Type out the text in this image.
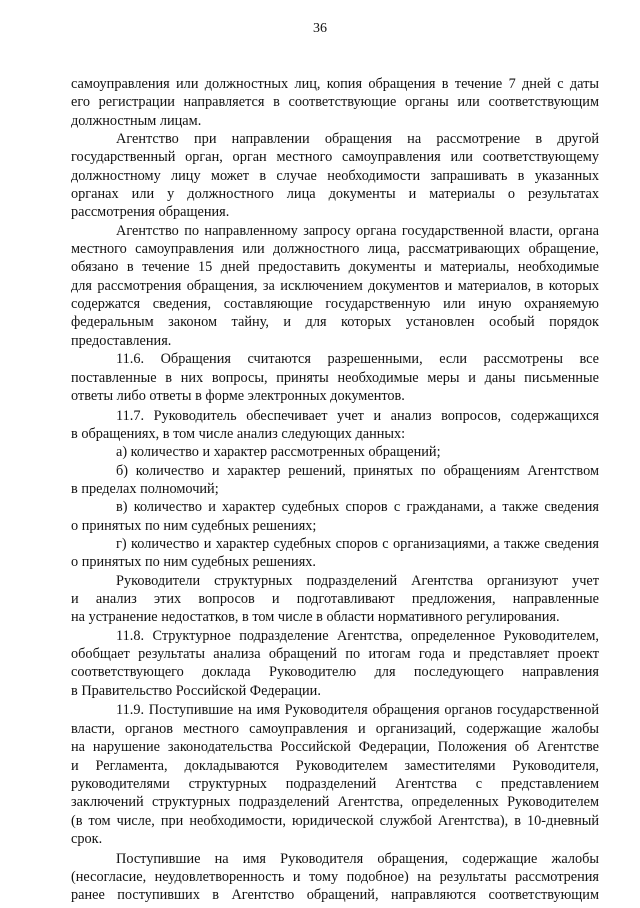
36
самоуправления или должностных лиц, копия обращения в течение 7 дней с даты
его регистрации направляется в соответствующие органы или соответствующим
должностным лицам.
Агентство при направлении обращения на рассмотрение в другой
государственный орган, орган местного самоуправления или соответствующему
должностному лицу может в случае необходимости запрашивать в указанных
органах или у должностного лица документы и материалы о результатах
рассмотрения обращения.
Агентство по направленному запросу органа государственной власти, органа
местного самоуправления или должностного лица, рассматривающих обращение,
обязано в течение 15 дней предоставить документы и материалы, необходимые
для рассмотрения обращения, за исключением документов и материалов, в которых
содержатся сведения, составляющие государственную или иную охраняемую
федеральным законом тайну, и для которых установлен особый порядок
предоставления.
11.6. Обращения считаются разрешенными, если рассмотрены все
поставленные в них вопросы, приняты необходимые меры и даны письменные
ответы либо ответы в форме электронных документов.
11.7. Руководитель обеспечивает учет и анализ вопросов, содержащихся
в обращениях, в том числе анализ следующих данных:
а) количество и характер рассмотренных обращений;
б) количество и характер решений, принятых по обращениям Агентством
в пределах полномочий;
в) количество и характер судебных споров с гражданами, а также сведения
о принятых по ним судебных решениях;
г) количество и характер судебных споров с организациями, а также сведения
о принятых по ним судебных решениях.
Руководители структурных подразделений Агентства организуют учет
и анализ этих вопросов и подготавливают предложения, направленные
на устранение недостатков, в том числе в области нормативного регулирования.
11.8. Структурное подразделение Агентства, определенное Руководителем,
обобщает результаты анализа обращений по итогам года и представляет проект
соответствующего доклада Руководителю для последующего направления
в Правительство Российской Федерации.
11.9. Поступившие на имя Руководителя обращения органов государственной
власти, органов местного самоуправления и организаций, содержащие жалобы
на нарушение законодательства Российской Федерации, Положения об Агентстве
и Регламента, докладываются Руководителем заместителями Руководителя,
руководителями структурных подразделений Агентства с представлением
заключений структурных подразделений Агентства, определенных Руководителем
(в том числе, при необходимости, юридической службой Агентства), в 10-дневный
срок.
Поступившие на имя Руководителя обращения, содержащие жалобы
(несогласие, неудовлетворенность и тому подобное) на результаты рассмотрения
ранее поступивших в Агентство обращений, направляются соответствующим
